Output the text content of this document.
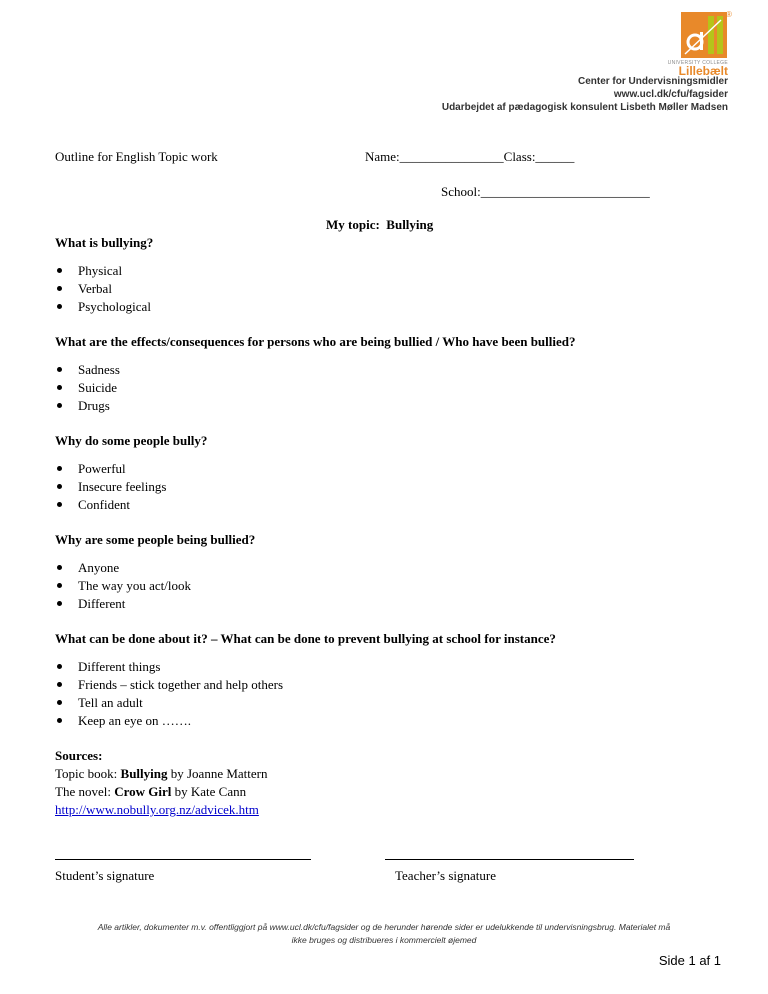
®
UNIVERSITY COLLEGE
Lillebælt
Center for Undervisningsmidler
www.ucl.dk/cfu/fagsider
Udarbejdet af pædagogisk konsulent Lisbeth Møller Madsen
Outline for English Topic work	Name:________________Class:______
School:__________________________
My topic: Bullying
What is bullying?
Physical
Verbal
Psychological
What are the effects/consequences for persons who are being bullied / Who have been bullied?
Sadness
Suicide
Drugs
Why do some people bully?
Powerful
Insecure feelings
Confident
Why are some people being bullied?
Anyone
The way you act/look
Different
What can be done about it? – What can be done to prevent bullying at school for instance?
Different things
Friends – stick together and help others
Tell an adult
Keep an eye on …….
Sources:
Topic book: Bullying by Joanne Mattern
The novel: Crow Girl by Kate Cann
http://www.nobully.org.nz/advicek.htm
Student’s signature	Teacher’s signature
Alle artikler, dokumenter m.v. offentliggjort på www.ucl.dk/cfu/fagsider og de herunder hørende sider er udelukkende til undervisningsbrug. Materialet må
ikke bruges og distribueres i kommercielt øjemed
Side 1 af 1
